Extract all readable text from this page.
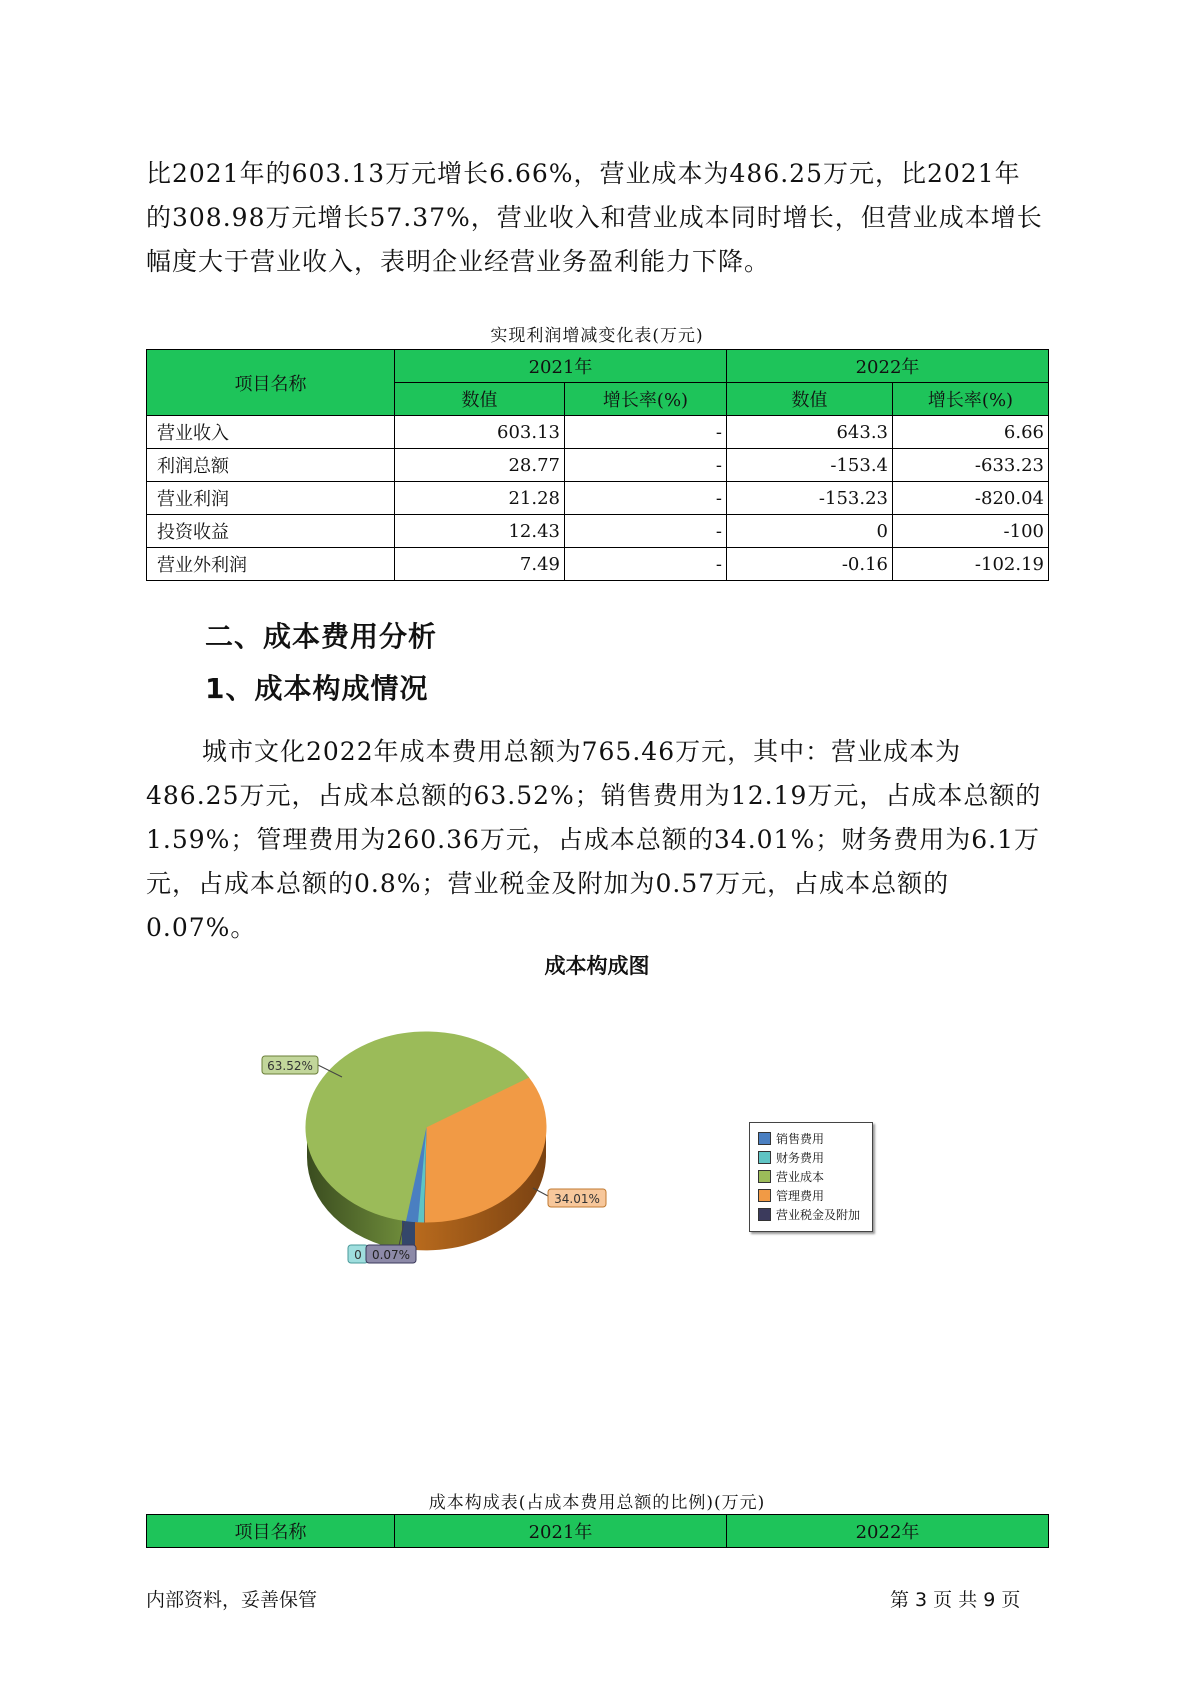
比2021年的603.13万元增长6.66%，营业成本为486.25万元，比2021年的308.98万元增长57.37%，营业收入和营业成本同时增长，但营业成本增长幅度大于营业收入，表明企业经营业务盈利能力下降。

实现利润增减变化表(万元)
项目名称	2021年		2022年	
	数值	增长率(%)	数值	增长率(%)
营业收入	603.13	-	643.3	6.66
利润总额	28.77	-	-153.4	-633.23
营业利润	21.28	-	-153.23	-820.04
投资收益	12.43	-	0	-100
营业外利润	7.49	-	-0.16	-102.19
二、成本费用分析
1、成本构成情况

城市文化2022年成本费用总额为765.46万元，其中：营业成本为486.25万元，占成本总额的63.52%；销售费用为12.19万元，占成本总额的1.59%；管理费用为260.36万元，占成本总额的34.01%；财务费用为6.1万元，占成本总额的0.8%；营业税金及附加为0.57万元，占成本总额的0.07%。

成本构成图
63.52%
34.01%
0 0.07%
销售费用
财务费用
营业成本
管理费用
营业税金及附加
成本构成表(占成本费用总额的比例)(万元)
项目名称	2021年	2022年
内部资料，妥善保管	第 3 页 共 9 页
